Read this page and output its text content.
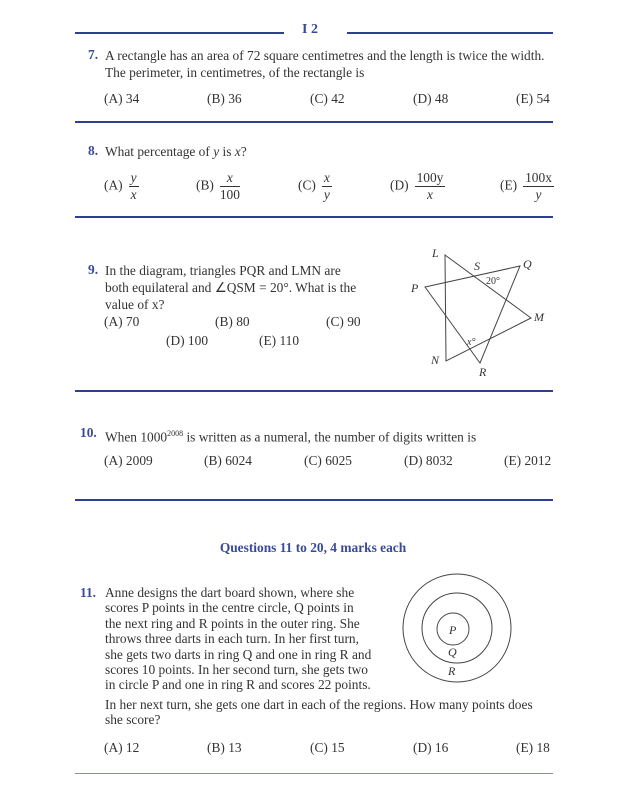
I 2
7. A rectangle has an area of 72 square centimetres and the length is twice the width.
The perimeter, in centimetres, of the rectangle is
(A) 34	(B) 36	(C) 42	(D) 48	(E) 54
8. What percentage of y is x?
$(A) \frac{y}{x}$	$(B) \frac{x}{100}$	$(C) \frac{x}{y}$	$(D) \frac{100y}{x}$	$(E) \frac{100x}{y}$
9. In the diagram, triangles PQR and LMN are
both equilateral and ∠QSM = 20°. What is the
value of x?
(A) 70	(B) 80	(C) 90
(D) 100	(E) 110
L
S	Q
P
M
N
R
x°
20°
10. When $1000^{2008}$ is written as a numeral, the number of digits written is
(A) 2009	(B) 6024	(C) 6025	(D) 8032	(E) 2012
Questions 11 to 20, 4 marks each
11. Anne designs the dart board shown, where she
scores P points in the centre circle, Q points in
the next ring and R points in the outer ring. She
throws three darts in each turn. In her first turn,
she gets two darts in ring Q and one in ring R and
scores 10 points. In her second turn, she gets two
in circle P and one in ring R and scores 22 points.
P
Q
R
In her next turn, she gets one dart in each of the regions. How many points does
she score?
(A) 12	(B) 13	(C) 15	(D) 16	(E) 18
